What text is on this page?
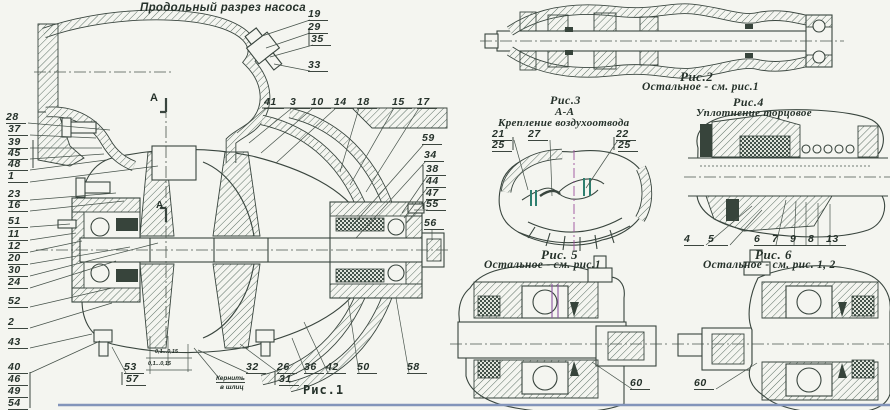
Продольный разрез насоса
А
А
0,1...0,15
0,1...0,15
Кернить
в шлиц	Рис.1
Рис.2
Остальное - см. рис.1
Рис.3
А-А
Крепление воздухоотвода
Рис.4
Уплотнение торцовое
Рис. 5
Остальное - см. рис.1
Рис. 6
Остальное - см. рис. 1, 2
19
29
35
33
41	3	10 14 18	15	17
59
34
38
44
47
55
56
28
37
39
45
48
1
23
16
51
11
12
20
30
24
52
2
43
40
46
49
54
53
57
32	26
31
36 42	50	58
21
25
27	22
25
4	5	6	7	9	8	13
60	60
